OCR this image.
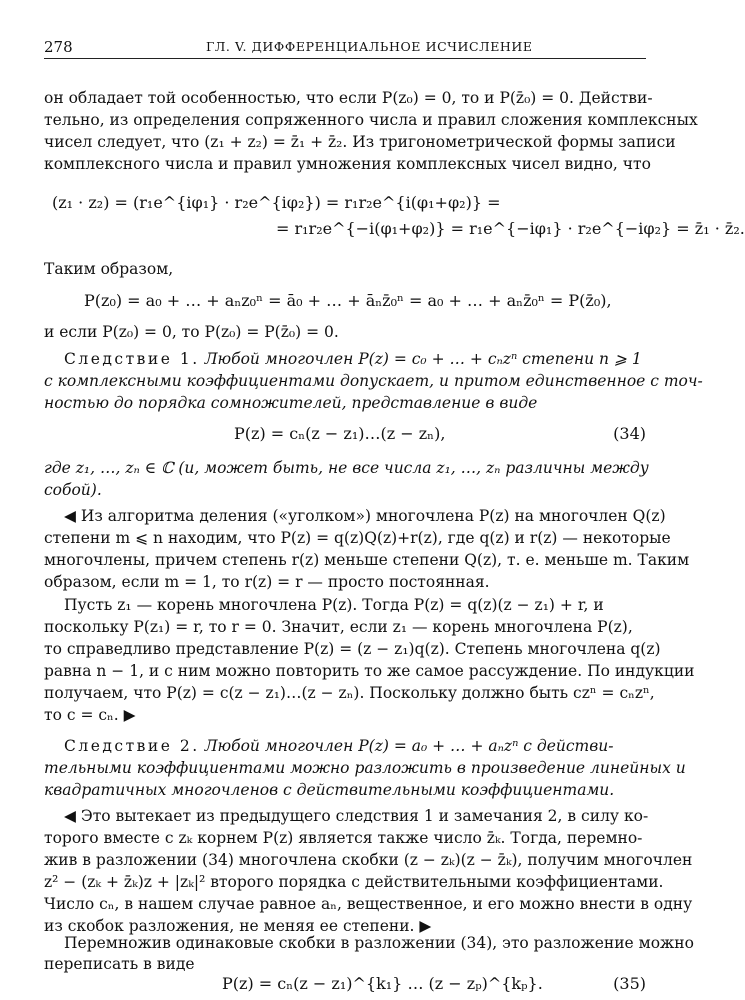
278	ГЛ. V. ДИФФЕРЕНЦИАЛЬНОЕ ИСЧИСЛЕНИЕ
он обладает той особенностью, что если P(z₀) = 0, то и P(z̄₀) = 0. Действи-
тельно, из определения сопряженного числа и правил сложения комплексных
чисел следует, что (z₁ + z₂) = z̄₁ + z̄₂. Из тригонометрической формы записи
комплексного числа и правил умножения комплексных чисел видно, что
(z₁ · z₂) = (r₁e^{iφ₁} · r₂e^{iφ₂}) = r₁r₂e^{i(φ₁+φ₂)} =
= r₁r₂e^{−i(φ₁+φ₂)} = r₁e^{−iφ₁} · r₂e^{−iφ₂} = z̄₁ · z̄₂.
Таким образом,
P(z₀) = a₀ + … + aₙz₀ⁿ = ā₀ + … + āₙz̄₀ⁿ = a₀ + … + aₙz̄₀ⁿ = P(z̄₀),
и если P(z₀) = 0, то P(z₀) = P(z̄₀) = 0.
Следствие 1. Любой многочлен P(z) = c₀ + … + cₙzⁿ степени n ⩾ 1
с комплексными коэффициентами допускает, и притом единственное с точ-
ностью до порядка сомножителей, представление в виде
P(z) = cₙ(z − z₁)…(z − zₙ),	(34)
где z₁, …, zₙ ∈ ℂ (и, может быть, не все числа z₁, …, zₙ различны между
собой).
◀ Из алгоритма деления («уголком») многочлена P(z) на многочлен Q(z)
степени m ⩽ n находим, что P(z) = q(z)Q(z)+r(z), где q(z) и r(z) — некоторые
многочлены, причем степень r(z) меньше степени Q(z), т. е. меньше m. Таким
образом, если m = 1, то r(z) = r — просто постоянная.
Пусть z₁ — корень многочлена P(z). Тогда P(z) = q(z)(z − z₁) + r, и
поскольку P(z₁) = r, то r = 0. Значит, если z₁ — корень многочлена P(z),
то справедливо представление P(z) = (z − z₁)q(z). Степень многочлена q(z)
равна n − 1, и с ним можно повторить то же самое рассуждение. По индукции
получаем, что P(z) = c(z − z₁)…(z − zₙ). Поскольку должно быть czⁿ = cₙzⁿ,
то c = cₙ. ▶
Следствие 2. Любой многочлен P(z) = a₀ + … + aₙzⁿ с действи-
тельными коэффициентами можно разложить в произведение линейных и
квадратичных многочленов с действительными коэффициентами.
◀ Это вытекает из предыдущего следствия 1 и замечания 2, в силу ко-
торого вместе с zₖ корнем P(z) является также число z̄ₖ. Тогда, перемно-
жив в разложении (34) многочлена скобки (z − zₖ)(z − z̄ₖ), получим многочлен
z² − (zₖ + z̄ₖ)z + |zₖ|² второго порядка с действительными коэффициентами.
Число cₙ, в нашем случае равное aₙ, вещественное, и его можно внести в одну
из скобок разложения, не меняя ее степени. ▶
Перемножив одинаковые скобки в разложении (34), это разложение можно
переписать в виде
P(z) = cₙ(z − z₁)^{k₁} … (z − zₚ)^{kₚ}.	(35)
